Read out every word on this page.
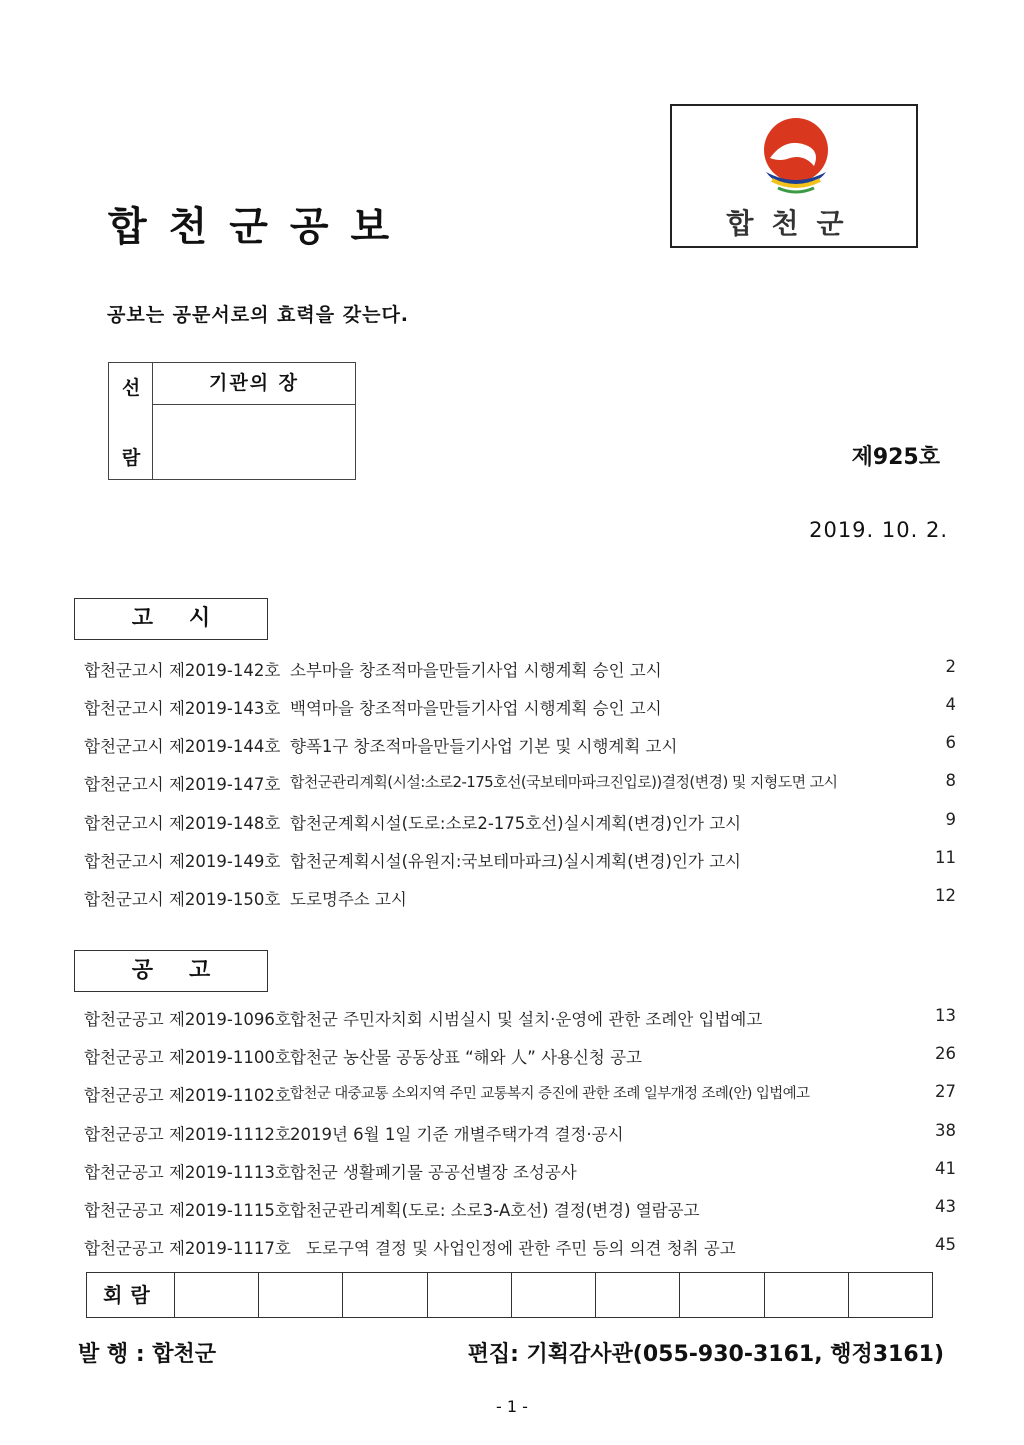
합천군공보	합천군
공보는 공문서로의 효력을 갖는다.
선
람
기관의 장
제925호
2019. 10. 2.
고시
합천군고시 제2019-142호 소부마을 창조적마을만들기사업 시행계획 승인 고시	2
합천군고시 제2019-143호 백역마을 창조적마을만들기사업 시행계획 승인 고시	4
합천군고시 제2019-144호 향폭1구 창조적마을만들기사업 기본 및 시행계획 고시	6
합천군고시 제2019-147호 합천군관리계획(시설:소로2-175호선(국보테마파크진입로))결정(변경) 및 지형도면 고시	8
합천군고시 제2019-148호 합천군계획시설(도로:소로2-175호선)실시계획(변경)인가 고시	9
합천군고시 제2019-149호 합천군계획시설(유원지:국보테마파크)실시계획(변경)인가 고시	11
합천군고시 제2019-150호 도로명주소 고시	12
공고
합천군공고 제2019-1096호 합천군 주민자치회 시범실시 및 설치·운영에 관한 조례안 입법예고	13
합천군공고 제2019-1100호 합천군 농산물 공동상표 “해와 人” 사용신청 공고	26
합천군공고 제2019-1102호 합천군 대중교통 소외지역 주민 교통복지 증진에 관한 조례 일부개정 조례(안) 입법예고	27
합천군공고 제2019-1112호 2019년 6월 1일 기준 개별주택가격 결정·공시	38
합천군공고 제2019-1113호 합천군 생활폐기물 공공선별장 조성공사	41
합천군공고 제2019-1115호 합천군관리계획(도로: 소로3-A호선) 결정(변경) 열람공고	43
합천군공고 제2019-1117호 도로구역 결정 및 사업인정에 관한 주민 등의 의견 청취 공고	45
회람
발 행 : 합천군	편집: 기획감사관(055-930-3161, 행정3161)
- 1 -
